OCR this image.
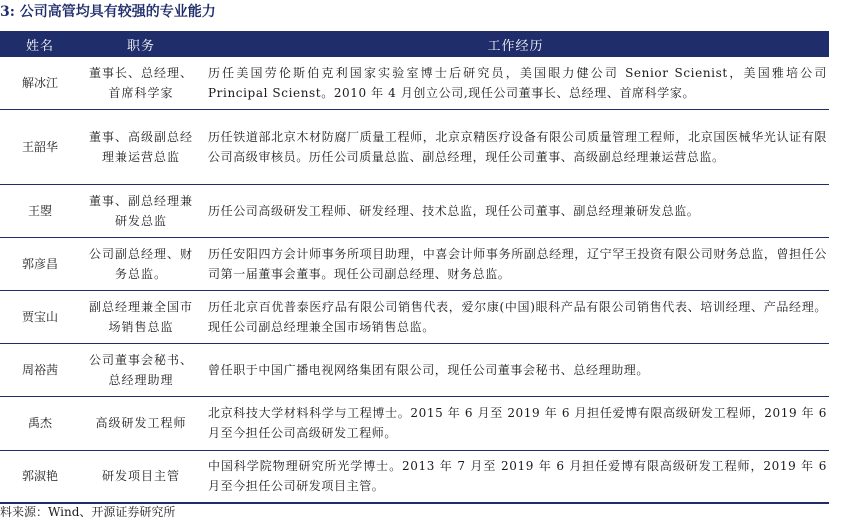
3: 公司高管均具有较强的专业能力
姓名	职务	工作经历
解冰江	董事长、总经理、首席科学家	历任美国劳伦斯伯克利国家实验室博士后研究员，美国眼力健公司 Senior Scienist，美国雅培公司 Principal Scienst。2010 年 4 月创立公司,现任公司董事长、总经理、首席科学家。
王韶华	董事、高级副总经理兼运营总监	历任铁道部北京木材防腐厂质量工程师，北京京精医疗设备有限公司质量管理工程师，北京国医械华光认证有限公司高级审核员。历任公司质量总监、副总经理，现任公司董事、高级副总经理兼运营总监。
王曌	董事、副总经理兼研发总监	历任公司高级研发工程师、研发经理、技术总监，现任公司董事、副总经理兼研发总监。
郭彦昌	公司副总经理、财务总监。	历任安阳四方会计师事务所项目助理，中喜会计师事务所副总经理，辽宁罕王投资有限公司财务总监，曾担任公司第一届董事会董事。现任公司副总经理、财务总监。
贾宝山	副总经理兼全国市场销售总监	历任北京百优普泰医疗品有限公司销售代表，爱尔康(中国)眼科产品有限公司销售代表、培训经理、产品经理。现任公司副总经理兼全国市场销售总监。
周裕茜	公司董事会秘书、总经理助理	曾任职于中国广播电视网络集团有限公司，现任公司董事会秘书、总经理助理。
禹杰	高级研发工程师	北京科技大学材料科学与工程博士。2015 年 6 月至 2019 年 6 月担任爱博有限高级研发工程师，2019 年 6 月至今担任公司高级研发工程师。
郭淑艳	研发项目主管	中国科学院物理研究所光学博士。2013 年 7 月至 2019 年 6 月担任爱博有限高级研发工程师，2019 年 6 月至今担任公司研发项目主管。
料来源：Wind、开源证券研究所
